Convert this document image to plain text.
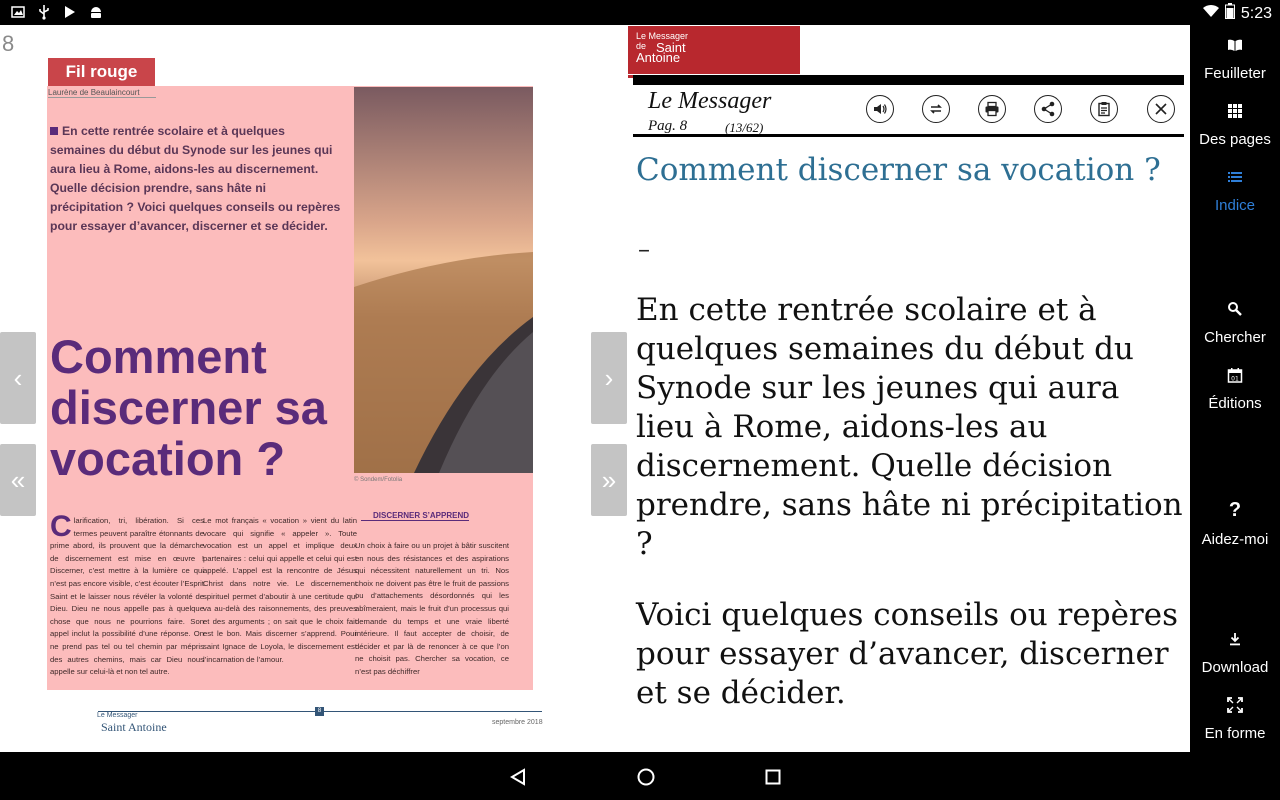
5:23
8
Fil rouge
Laurène de Beaulaincourt
© Sondem/Fotolia
En cette rentrée scolaire et à quelques semaines du début du Synode sur les jeunes qui aura lieu à Rome, aidons-les au discernement. Quelle décision prendre, sans hâte ni précipitation ? Voici quelques conseils ou repères pour essayer d’avancer, discerner et se décider.
Comment discerner sa vocation ?
Clarification, tri, libération. Si ces termes peuvent paraître étonnants de prime abord, ils prouvent que la démarche de discernement est mise en œuvre ! Discerner, c’est mettre à la lumière ce qui n’est pas encore visible, c’est écouter l’Esprit Saint et le laisser nous révéler la volonté de Dieu. Dieu ne nous appelle pas à quelque chose que nous ne pourrions faire. Son appel inclut la possibilité d’une réponse. On ne prend pas tel ou tel chemin par mépris des autres chemins, mais car Dieu nous appelle sur celui-là et non tel autre.
Le mot français « vocation » vient du latin vocare qui signifie « appeler ». Toute vocation est un appel et implique deux partenaires : celui qui appelle et celui qui est appelé. L’appel est la rencontre de Jésus Christ dans notre vie. Le discernement spirituel permet d’aboutir à une certitude qui va au-delà des raisonnements, des preuves et des arguments ; on sait que le choix fait est le bon. Mais discerner s’apprend. Pour saint Ignace de Loyola, le discernement est l’incarnation de l’amour.
DISCERNER S’APPREND
Un choix à faire ou un projet à bâtir suscitent en nous des résistances et des aspirations qui nécessitent naturellement un tri. Nos choix ne doivent pas être le fruit de passions ou d’attachements désordonnés qui les abîmeraient, mais le fruit d’un processus qui demande du temps et une vraie liberté intérieure. Il faut accepter de choisir, de décider et par là de renoncer à ce que l’on ne choisit pas. Chercher sa vocation, ce n’est pas déchiffrer
8
Le Messager
Saint Antoine	septembre 2018
‹
«
›
»
Le Messager
de Saint
Antoine
Le Messager
Pag. 8	(13/62)
Comment discerner sa vocation ?
–

En cette rentrée scolaire et à quelques semaines du début du Synode sur les jeunes qui aura lieu à Rome, aidons-les au discernement. Quelle décision prendre, sans hâte ni précipitation ?

Voici quelques conseils ou repères pour essayer d’avancer, discerner et se décider.

Feuilleter
Des pages
Indice
Chercher
01
Éditions
?
Aidez-moi
Download
En forme
